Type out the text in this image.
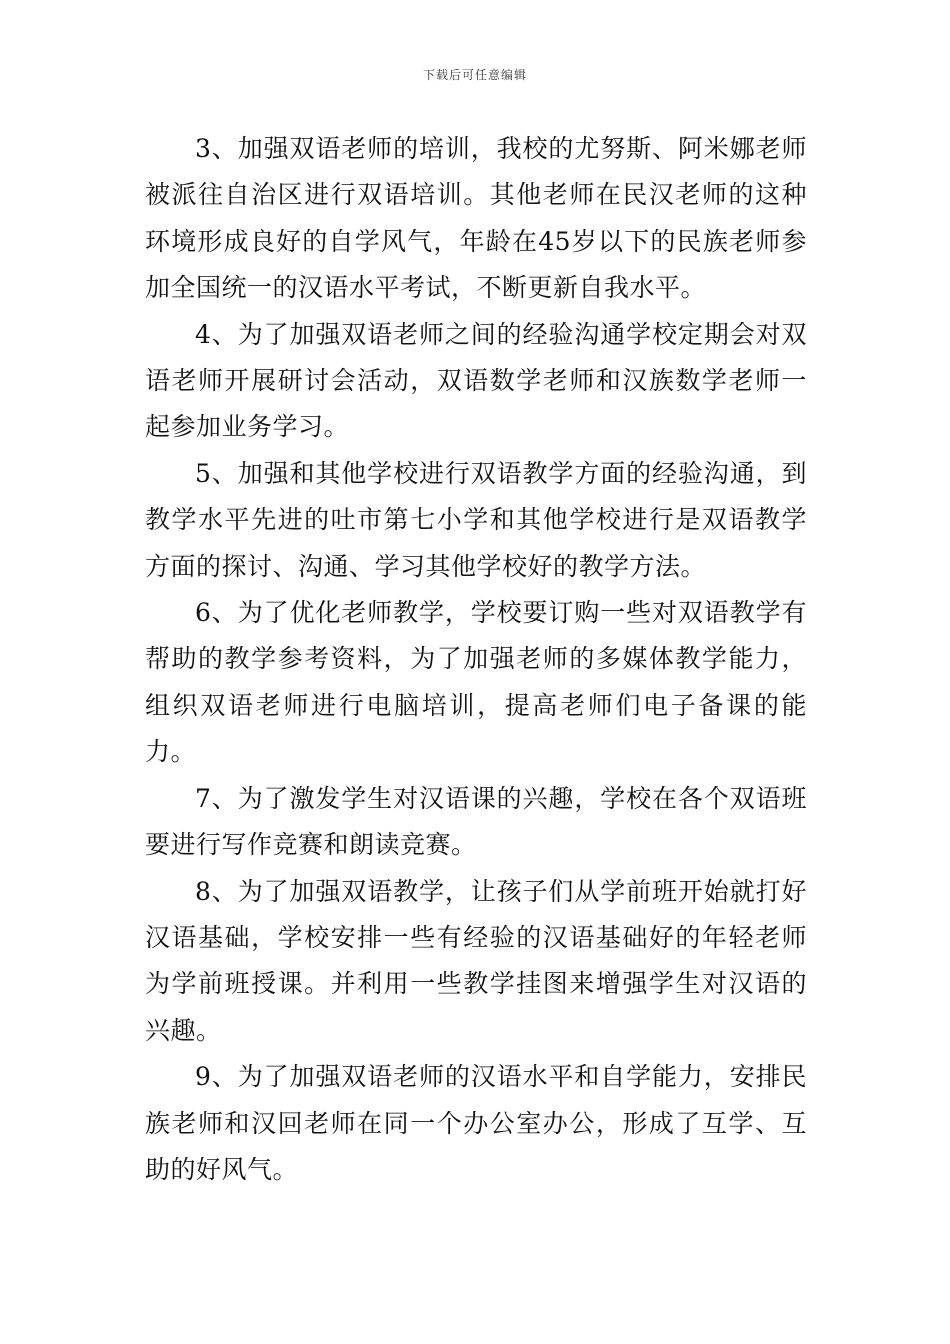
下载后可任意编辑

3、加强双语老师的培训，我校的尤努斯、阿米娜老师被派往自治区进行双语培训。其他老师在民汉老师的这种环境形成良好的自学风气，年龄在45岁以下的民族老师参加全国统一的汉语水平考试，不断更新自我水平。

4、为了加强双语老师之间的经验沟通学校定期会对双语老师开展研讨会活动，双语数学老师和汉族数学老师一起参加业务学习。

5、加强和其他学校进行双语教学方面的经验沟通，到教学水平先进的吐市第七小学和其他学校进行是双语教学方面的探讨、沟通、学习其他学校好的教学方法。

6、为了优化老师教学，学校要订购一些对双语教学有帮助的教学参考资料，为了加强老师的多媒体教学能力，组织双语老师进行电脑培训，提高老师们电子备课的能力。

7、为了激发学生对汉语课的兴趣，学校在各个双语班要进行写作竞赛和朗读竞赛。

8、为了加强双语教学，让孩子们从学前班开始就打好汉语基础，学校安排一些有经验的汉语基础好的年轻老师为学前班授课。并利用一些教学挂图来增强学生对汉语的兴趣。

9、为了加强双语老师的汉语水平和自学能力，安排民族老师和汉回老师在同一个办公室办公，形成了互学、互助的好风气。
